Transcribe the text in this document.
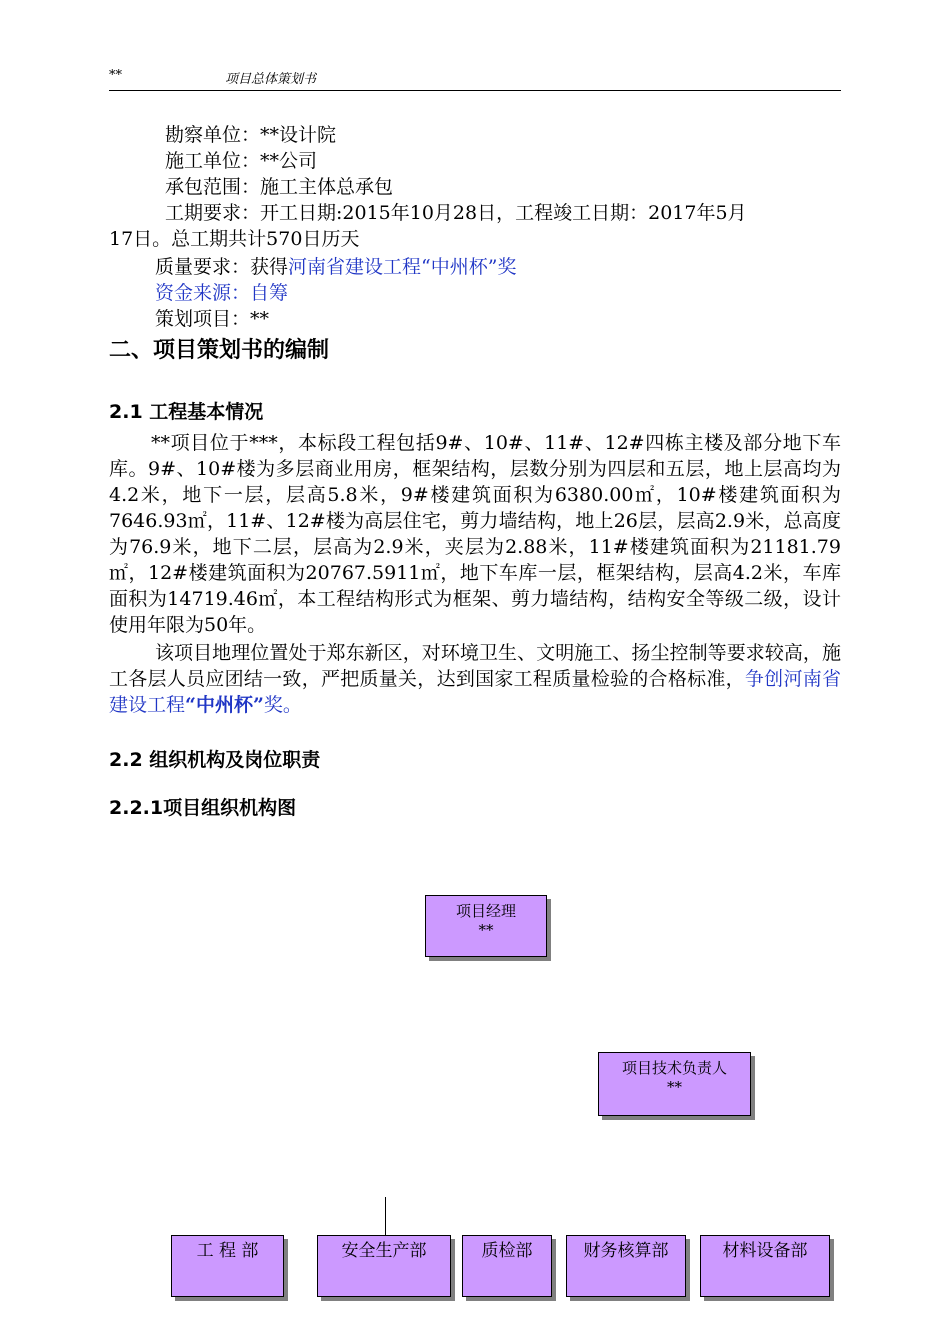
**	项目总体策划书
勘察单位：**设计院
施工单位：**公司
承包范围：施工主体总承包
工期要求：开工日期:2015年10月28日，工程竣工日期：2017年5月
17日。总工期共计570日历天
质量要求：获得河南省建设工程“中州杯”奖
资金来源：自筹
策划项目：**
二、项目策划书的编制
2.1 工程基本情况
**项目位于***，本标段工程包括9#、10#、11#、12#四栋主楼及部分地下车库。9#、10#楼为多层商业用房，框架结构，层数分别为四层和五层，地上层高均为4.2米，地下一层，层高5.8米，9#楼建筑面积为6380.00㎡，10#楼建筑面积为7646.93㎡，11#、12#楼为高层住宅，剪力墙结构，地上26层，层高2.9米，总高度为76.9米，地下二层，层高为2.9米，夹层为2.88米，11#楼建筑面积为21181.79㎡，12#楼建筑面积为20767.5911㎡，地下车库一层，框架结构，层高4.2米，车库面积为14719.46㎡，本工程结构形式为框架、剪力墙结构，结构安全等级二级，设计使用年限为50年。
该项目地理位置处于郑东新区，对环境卫生、文明施工、扬尘控制等要求较高，施工各层人员应团结一致，严把质量关，达到国家工程质量检验的合格标准，争创河南省建设工程“中州杯”奖。
2.2 组织机构及岗位职责
2.2.1项目组织机构图
项目经理
**
项目技术负责人
**
工 程 部	安全生产部	质检部	财务核算部	材料设备部
